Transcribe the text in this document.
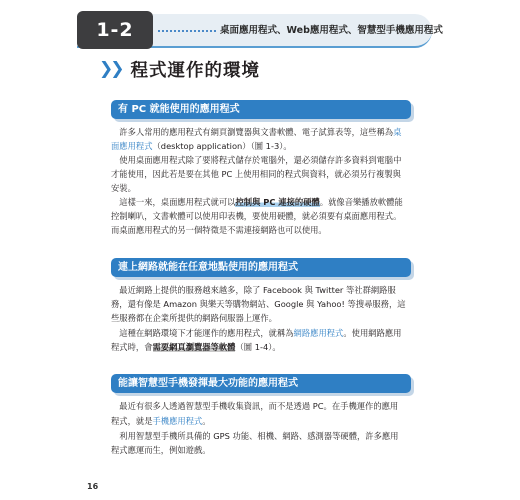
1-2	桌面應用程式、Web應用程式、智慧型手機應用程式
❯❯ 程式運作的環境
有 PC 就能使用的應用程式
　許多人常用的應用程式有網頁瀏覽器與文書軟體、電子試算表等，這些稱為桌
面應用程式（desktop application）（圖 1-3）。
　使用桌面應用程式除了要將程式儲存於電腦外，還必須儲存許多資料到電腦中
才能使用，因此若是要在其他 PC 上使用相同的程式與資料，就必須另行複製與
安裝。
　這樣一來，桌面應用程式就可以控制與 PC 連接的硬體。就像音樂播放軟體能
控制喇叭，文書軟體可以使用印表機，要使用硬體，就必須要有桌面應用程式。
而桌面應用程式的另一個特徵是不需連接網路也可以使用。
連上網路就能在任意地點使用的應用程式
　最近網路上提供的服務越來越多，除了 Facebook 與 Twitter 等社群網路服
務，還有像是 Amazon 與樂天等購物網站、Google 與 Yahoo! 等搜尋服務，這
些服務都在企業所提供的網路伺服器上運作。
　這種在網路環境下才能運作的應用程式，就稱為網路應用程式。使用網路應用
程式時，會需要網頁瀏覽器等軟體（圖 1-4）。
能讓智慧型手機發揮最大功能的應用程式
　最近有很多人透過智慧型手機收集資訊，而不是透過 PC。在手機運作的應用
程式，就是手機應用程式。
　利用智慧型手機所具備的 GPS 功能、相機、網路、感測器等硬體，許多應用
程式應運而生，例如遊戲。
16
